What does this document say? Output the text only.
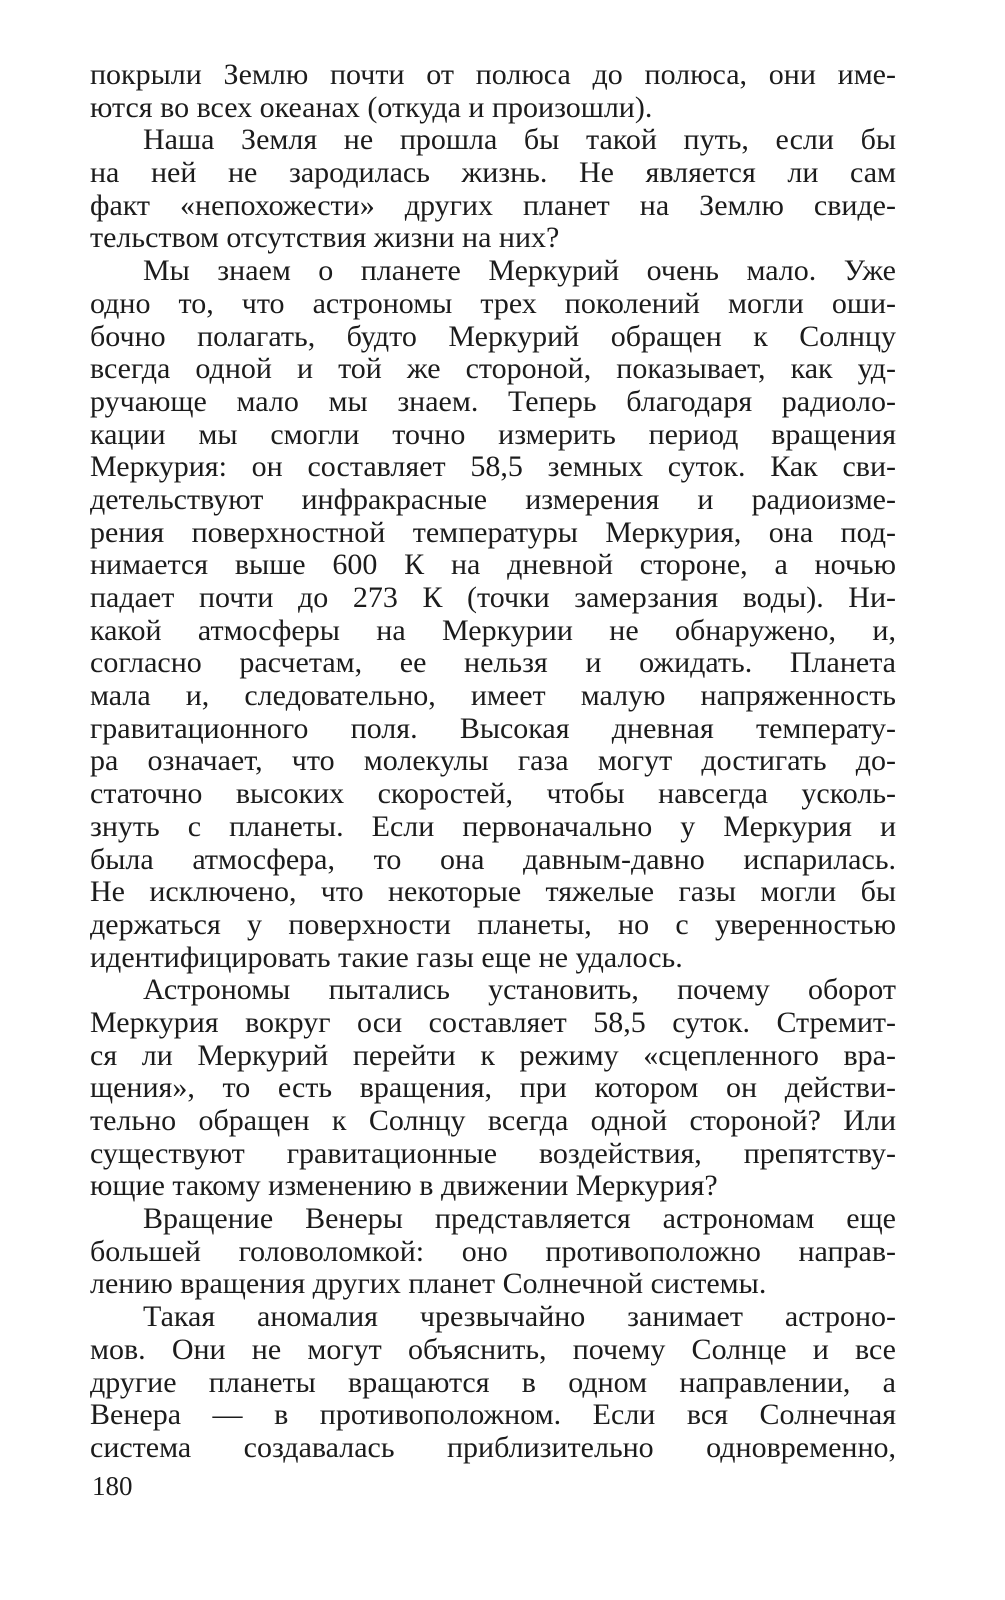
покрыли Землю почти от полюса до полюса, они име-
ются во всех океанах (откуда и произошли).
Наша Земля не прошла бы такой путь, если бы
на ней не зародилась жизнь. Не является ли сам
факт «непохожести» других планет на Землю свиде-
тельством отсутствия жизни на них?
Мы знаем о планете Меркурий очень мало. Уже
одно то, что астрономы трех поколений могли оши-
бочно полагать, будто Меркурий обращен к Солнцу
всегда одной и той же стороной, показывает, как уд-
ручающе мало мы знаем. Теперь благодаря радиоло-
кации мы смогли точно измерить период вращения
Меркурия: он составляет 58,5 земных суток. Как сви-
детельствуют инфракрасные измерения и радиоизме-
рения поверхностной температуры Меркурия, она под-
нимается выше 600 К на дневной стороне, а ночью
падает почти до 273 К (точки замерзания воды). Ни-
какой атмосферы на Меркурии не обнаружено, и,
согласно расчетам, ее нельзя и ожидать. Планета
мала и, следовательно, имеет малую напряженность
гравитационного поля. Высокая дневная температу-
ра означает, что молекулы газа могут достигать до-
статочно высоких скоростей, чтобы навсегда усколь-
знуть с планеты. Если первоначально у Меркурия и
была атмосфера, то она давным-давно испарилась.
Не исключено, что некоторые тяжелые газы могли бы
держаться у поверхности планеты, но с уверенностью
идентифицировать такие газы еще не удалось.
Астрономы пытались установить, почему оборот
Меркурия вокруг оси составляет 58,5 суток. Стремит-
ся ли Меркурий перейти к режиму «сцепленного вра-
щения», то есть вращения, при котором он действи-
тельно обращен к Солнцу всегда одной стороной? Или
существуют гравитационные воздействия, препятству-
ющие такому изменению в движении Меркурия?
Вращение Венеры представляется астрономам еще
большей головоломкой: оно противоположно направ-
лению вращения других планет Солнечной системы.
Такая аномалия чрезвычайно занимает астроно-
мов. Они не могут объяснить, почему Солнце и все
другие планеты вращаются в одном направлении, а
Венера — в противоположном. Если вся Солнечная
система создавалась приблизительно одновременно,
180
